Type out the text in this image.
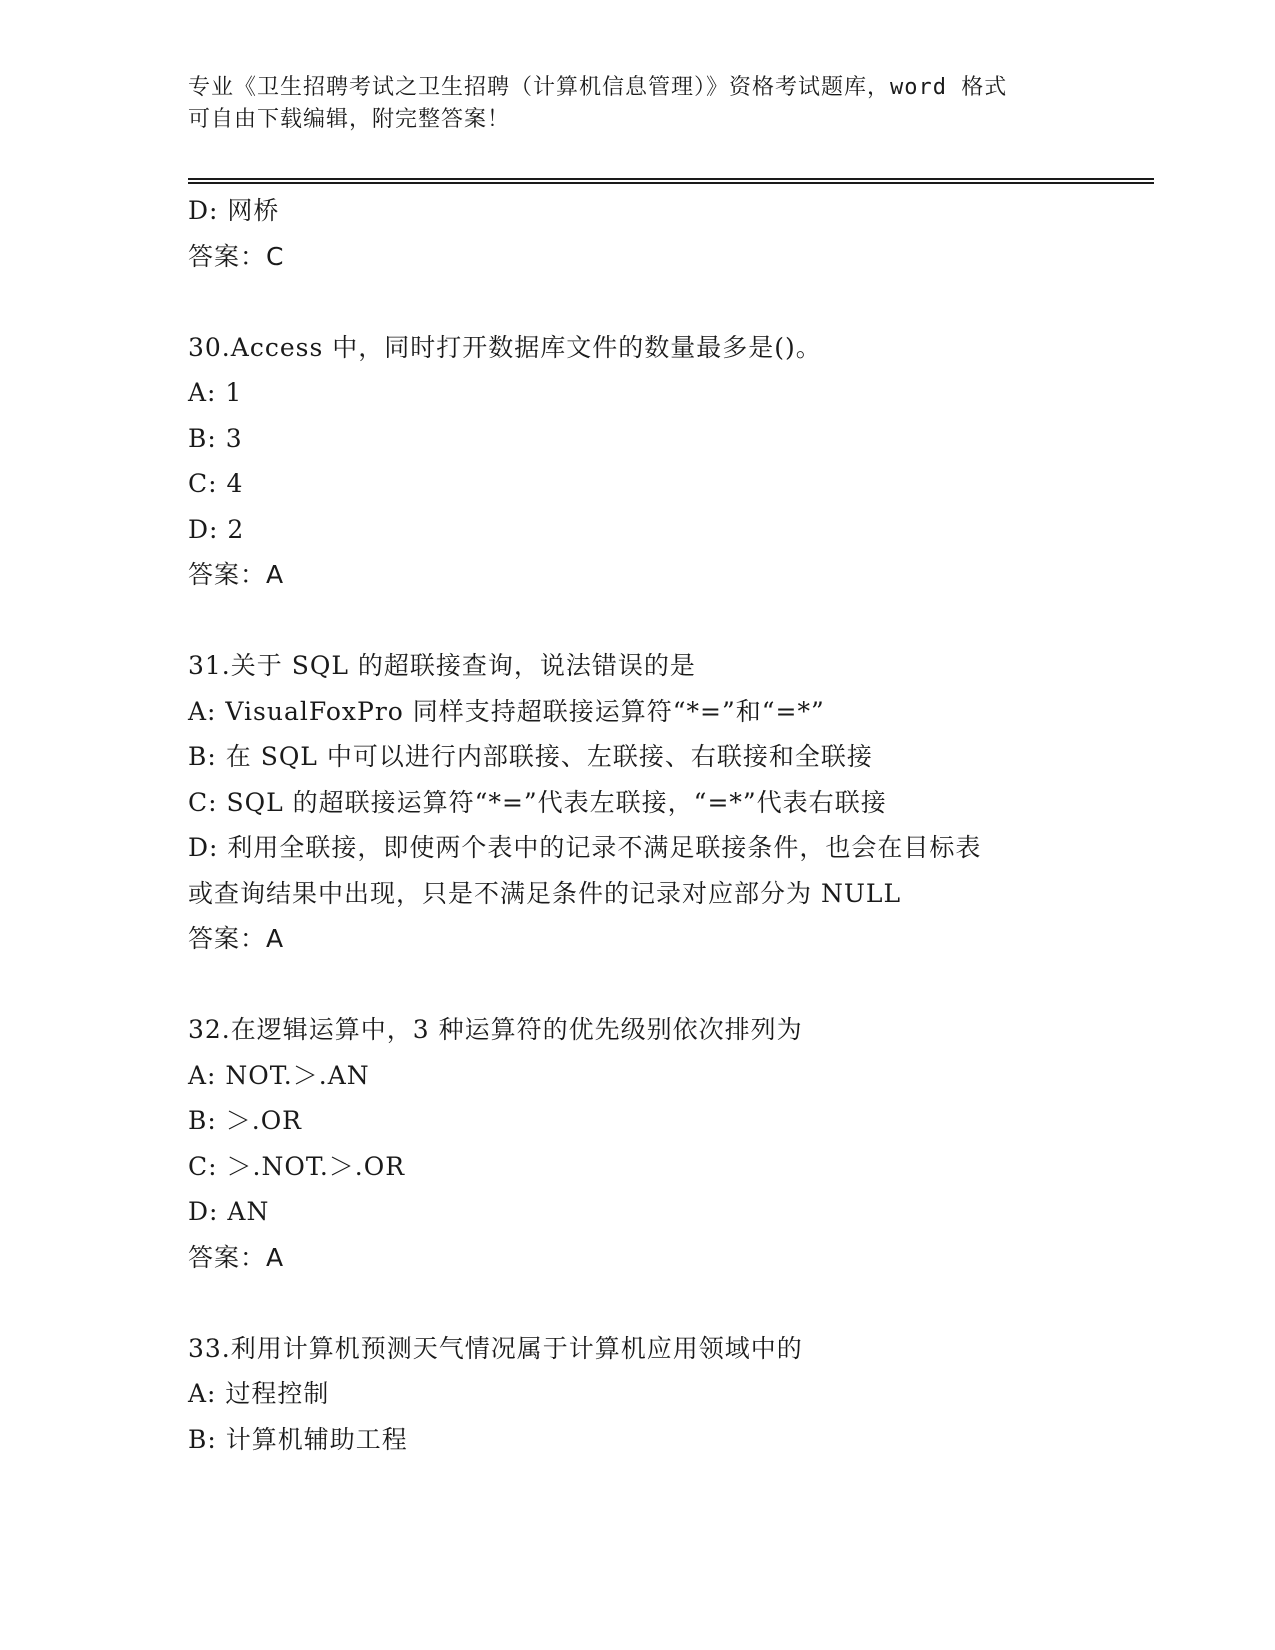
专业《卫生招聘考试之卫生招聘（计算机信息管理）》资格考试题库，word 格式
可自由下载编辑，附完整答案！
D: 网桥
答案：C
30.Access 中，同时打开数据库文件的数量最多是()。
A: 1
B: 3
C: 4
D: 2
答案：A
31.关于 SQL 的超联接查询，说法错误的是
A: VisualFoxPro 同样支持超联接运算符“*=”和“=*”
B: 在 SQL 中可以进行内部联接、左联接、右联接和全联接
C: SQL 的超联接运算符“*=”代表左联接，“=*”代表右联接
D: 利用全联接，即使两个表中的记录不满足联接条件，也会在目标表
或查询结果中出现，只是不满足条件的记录对应部分为 NULL
答案：A
32.在逻辑运算中，3 种运算符的优先级别依次排列为
A: NOT.＞.AN
B: ＞.OR
C: ＞.NOT.＞.OR
D: AN
答案：A
33.利用计算机预测天气情况属于计算机应用领域中的
A: 过程控制
B: 计算机辅助工程
